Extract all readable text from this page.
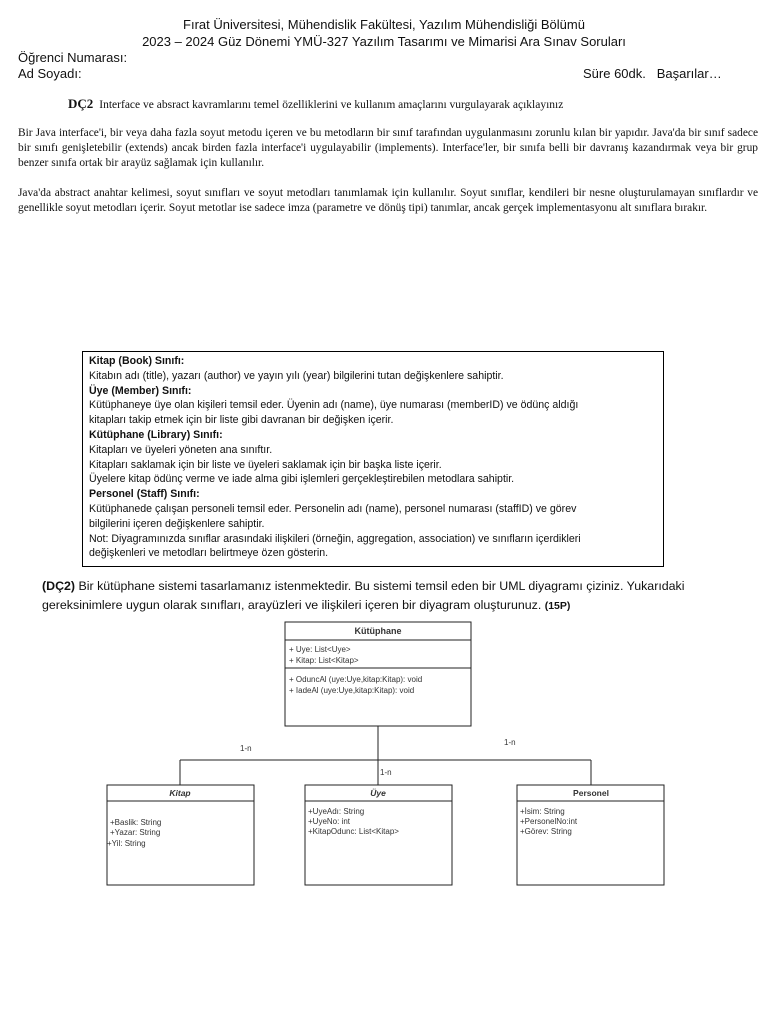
Fırat Üniversitesi, Mühendislik Fakültesi, Yazılım Mühendisliği Bölümü
2023 – 2024 Güz Dönemi YMÜ-327 Yazılım Tasarımı ve Mimarisi Ara Sınav Soruları
Öğrenci Numarası:
Ad Soyadı:	Süre 60dk.   Başarılar…
DÇ2 Interface ve absract kavramlarını temel özelliklerini ve kullanım amaçlarını vurgulayarak açıklayınız
Bir Java interface'i, bir veya daha fazla soyut metodu içeren ve bu metodların bir sınıf tarafından uygulanmasını zorunlu kılan bir yapıdır. Java'da bir sınıf sadece bir sınıfı genişletebilir (extends) ancak birden fazla interface'i uygulayabilir (implements). Interface'ler, bir sınıfa belli bir davranış kazandırmak veya bir grup benzer sınıfa ortak bir arayüz sağlamak için kullanılır.
Java'da abstract anahtar kelimesi, soyut sınıfları ve soyut metodları tanımlamak için kullanılır. Soyut sınıflar, kendileri bir nesne oluşturulamayan sınıflardır ve genellikle soyut metodları içerir. Soyut metotlar ise sadece imza (parametre ve dönüş tipi) tanımlar, ancak gerçek implementasyonu alt sınıflara bırakır.
Kitap (Book) Sınıfı:
Kitabın adı (title), yazarı (author) ve yayın yılı (year) bilgilerini tutan değişkenlere sahiptir.
Üye (Member) Sınıfı:
Kütüphaneye üye olan kişileri temsil eder. Üyenin adı (name), üye numarası (memberID) ve ödünç aldığı
kitapları takip etmek için bir liste gibi davranan bir değişken içerir.
Kütüphane (Library) Sınıfı:
Kitapları ve üyeleri yöneten ana sınıftır.
Kitapları saklamak için bir liste ve üyeleri saklamak için bir başka liste içerir.
Üyelere kitap ödünç verme ve iade alma gibi işlemleri gerçekleştirebilen metodlara sahiptir.
Personel (Staff) Sınıfı:
Kütüphanede çalışan personeli temsil eder. Personelin adı (name), personel numarası (staffID) ve görev
bilgilerini içeren değişkenlere sahiptir.
Not: Diyagramınızda sınıflar arasındaki ilişkileri (örneğin, aggregation, association) ve sınıfların içerdikleri
değişkenleri ve metodları belirtmeye özen gösterin.
(DÇ2) Bir kütüphane sistemi tasarlamanız istenmektedir. Bu sistemi temsil eden bir UML diyagramı çiziniz. Yukarıdaki gereksinimlere uygun olarak sınıfları, arayüzleri ve ilişkileri içeren bir diyagram oluşturunuz. (15P)
Kütüphane
+ Uye: List<Uye>
+ Kitap: List<Kitap>
+ OduncAl (uye:Uye,kitap:Kitap): void
+ IadeAl (uye:Uye,kitap:Kitap): void
1-n
1-n
1-n
Kitap
+Baslik: String
+Yazar: String
+Yil: String
Üye
+UyeAdı: String
+UyeNo: int
+KitapOdunc: List<Kitap>
Personel
+İsim: String
+PersonelNo:int
+Görev: String
